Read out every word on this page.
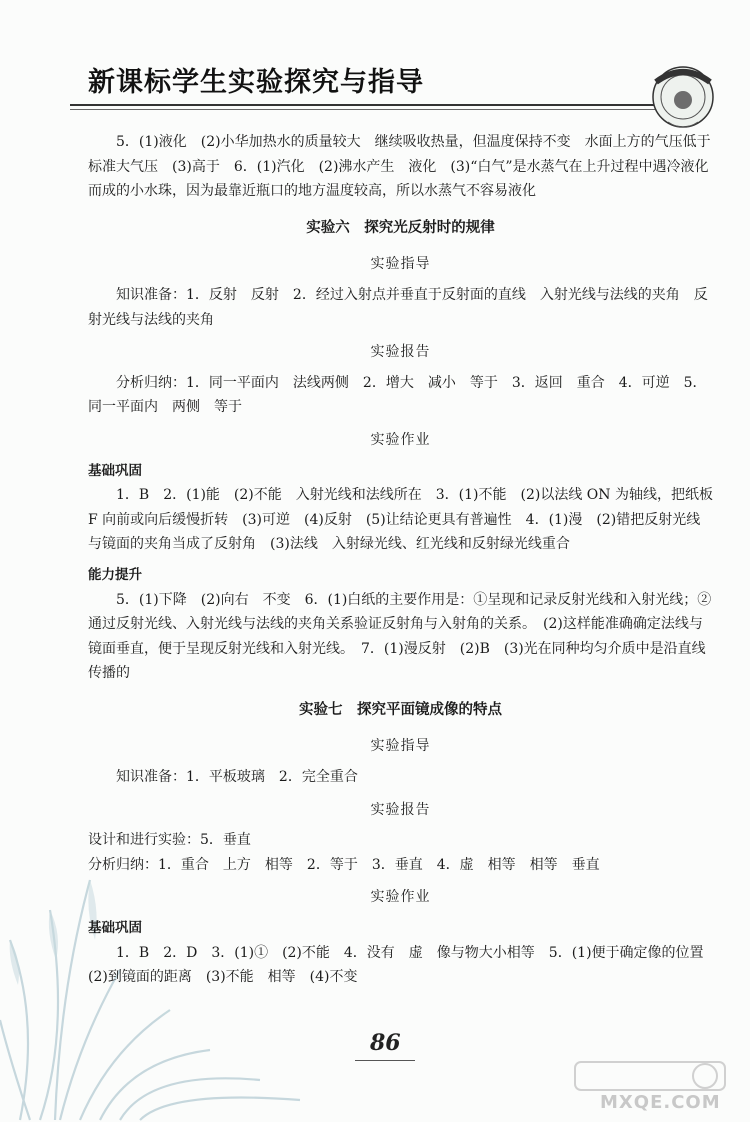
新课标学生实验探究与指导

5．(1)液化　(2)小华加热水的质量较大　继续吸收热量，但温度保持不变　水面上方的气压低于标准大气压　(3)高于　6．(1)汽化　(2)沸水产生　液化　(3)“白气”是水蒸气在上升过程中遇冷液化而成的小水珠，因为最靠近瓶口的地方温度较高，所以水蒸气不容易液化

实验六　探究光反射时的规律
实验指导

知识准备：1．反射　反射　2．经过入射点并垂直于反射面的直线　入射光线与法线的夹角　反射光线与法线的夹角

实验报告

分析归纳：1．同一平面内　法线两侧　2．增大　减小　等于　3．返回　重合　4．可逆　5．同一平面内　两侧　等于

实验作业
基础巩固

1．B　2．(1)能　(2)不能　入射光线和法线所在　3．(1)不能　(2)以法线 ON 为轴线，把纸板 F 向前或向后缓慢折转　(3)可逆　(4)反射　(5)让结论更具有普遍性　4．(1)漫　(2)错把反射光线与镜面的夹角当成了反射角　(3)法线　入射绿光线、红光线和反射绿光线重合

能力提升

5．(1)下降　(2)向右　不变　6．(1)白纸的主要作用是：①呈现和记录反射光线和入射光线；②通过反射光线、入射光线与法线的夹角关系验证反射角与入射角的关系。　(2)这样能准确确定法线与镜面垂直，便于呈现反射光线和入射光线。　7．(1)漫反射　(2)B　(3)光在同种均匀介质中是沿直线传播的

实验七　探究平面镜成像的特点
实验指导

知识准备：1．平板玻璃　2．完全重合

实验报告

设计和进行实验：5．垂直

分析归纳：1．重合　上方　相等　2．等于　3．垂直　4．虚　相等　相等　垂直

实验作业
基础巩固

1．B　2．D　3．(1)①　(2)不能　4．没有　虚　像与物大小相等　5．(1)便于确定像的位置　(2)到镜面的距离　(3)不能　相等　(4)不变

86
MXQE.COM
